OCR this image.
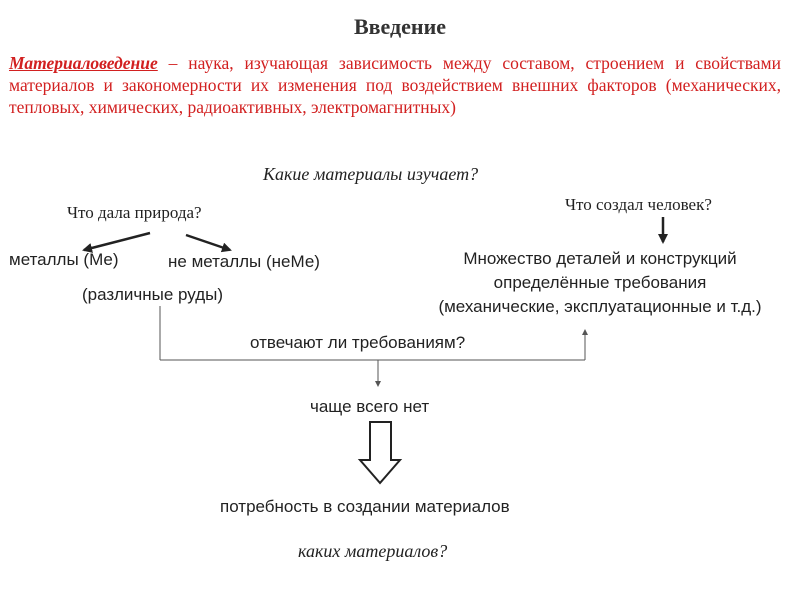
Введение
Материаловедение – наука, изучающая зависимость между составом, строением и свойствами материалов и закономерности их изменения под воздействием внешних факторов (механических, тепловых, химических, радиоактивных, электромагнитных)
Какие материалы изучает?
Что дала природа?
металлы (Ме)	не металлы (неМе)
(различные руды)
Что создал человек?
Множество деталей и конструкций
определённые требования
(механические, эксплуатационные и т.д.)
отвечают ли требованиям?
чаще всего нет
потребность в создании материалов
каких материалов?
